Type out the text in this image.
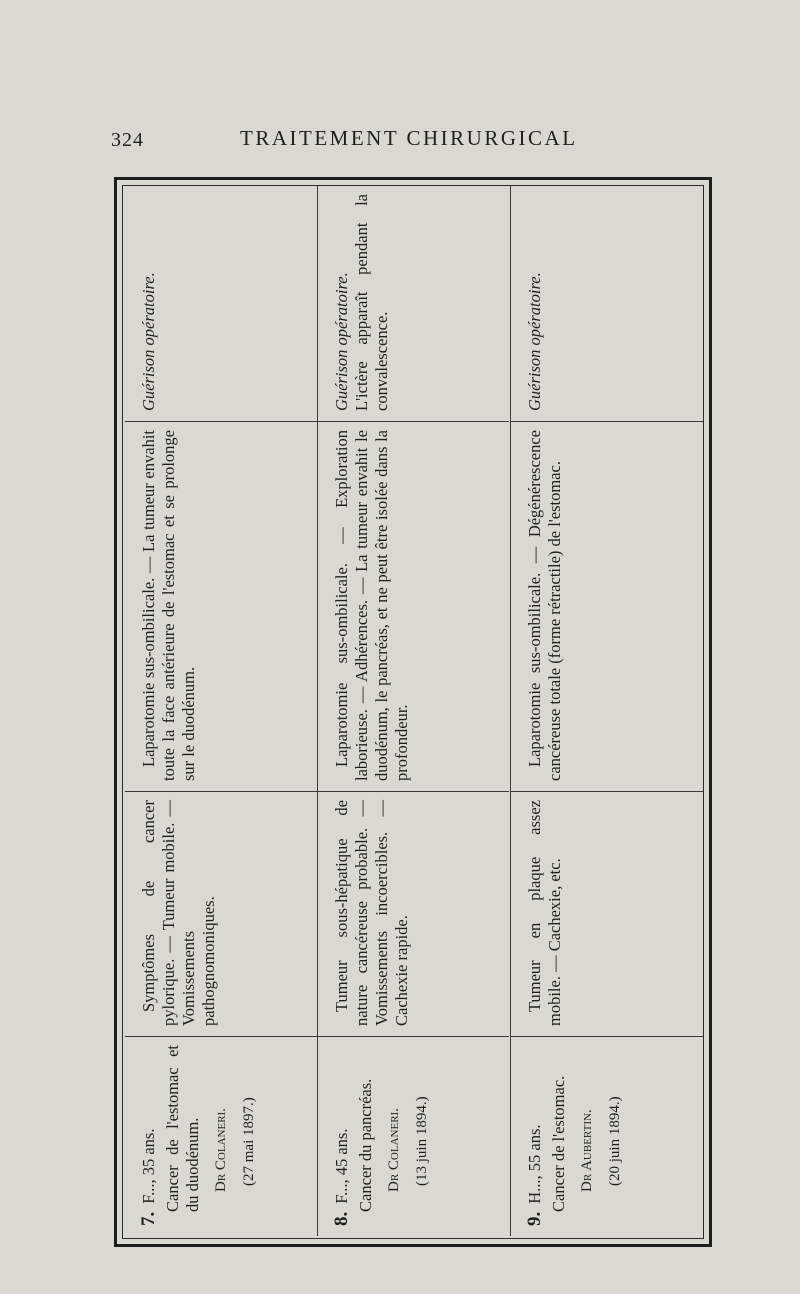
324	TRAITEMENT CHIRURGICAL
7.F..., 35 ans. Cancer de l'estomac et du duodénum. Dr Colaneri. (27 mai 1897.)

Symptômes de cancer pylorique. — Tumeur mobile. — Vomissements pathognomoniques.

Laparotomie sus-ombilicale. — La tumeur envahit toute la face antérieure de l'estomac et se prolonge sur le duodénum.

Guérison opératoire.
8.F..., 45 ans. Cancer du pancréas. Dr Colaneri. (13 juin 1894.)

Tumeur sous-hépatique de nature cancéreuse probable. — Vomissements incoercibles. — Cachexie rapide.

Laparotomie sus-ombilicale. — Exploration laborieuse. — Adhérences. — La tumeur envahit le duodénum, le pancréas, et ne peut être isolée dans la profondeur.

Guérison opératoire. L'ictère apparaît pendant la convalescence.
9.H..., 55 ans. Cancer de l'estomac. Dr Aubertin. (20 juin 1894.)

Tumeur en plaque assez mobile. — Cachexie, etc.

Laparotomie sus-ombilicale. — Dégénérescence cancéreuse totale (forme rétractile) de l'estomac.

Guérison opératoire.
